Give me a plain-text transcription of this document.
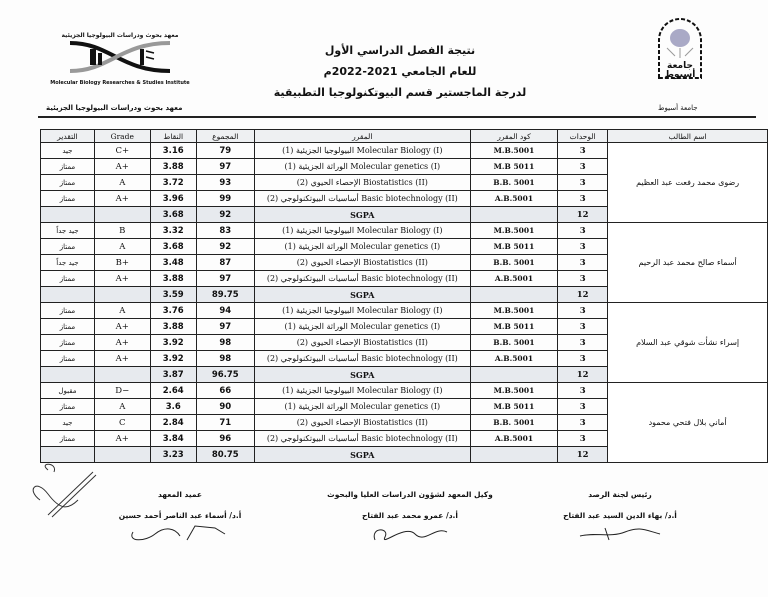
نتيجة الفصل الدراسي الأول
للعام الجامعي 2021-2022م
لدرجة الماجستير قسم البيوتكنولوجيا التطبيقية
معهد بحوث ودراسات البيولوجيا الجزيئية
Molecular Biology Researches & Studies Institute
معهد بحوث ودراسات البيولوجيا الجزيئية
جامعة
أسيوط
جامعة أسيوط
التقدير	Grade	النقاط	المجموع	المقرر	كود المقرر	الوحدات	اسم الطالب
جيد	C+	3.16	79	البيولوجيا الجزيئية (1) Molecular Biology (I)	M.B.5001	3	رضوى محمد رفعت عبد العظيم
ممتاز	A+	3.88	97	الوراثة الجزيئية (1) Molecular genetics (I)	M.B 5011	3	
ممتاز	A	3.72	93	الإحصاء الحيوي (2) Biostatistics (II)	B.B. 5001	3	
ممتاز	A+	3.96	99	أساسيات البيوتكنولوجي (2) Basic biotechnology (II)	A.B.5001	3	
		3.68	92	SGPA		12	
جيد جداً	B	3.32	83	البيولوجيا الجزيئية (1) Molecular Biology (I)	M.B.5001	3	أسماء صالح محمد عبد الرحيم
ممتاز	A	3.68	92	الوراثة الجزيئية (1) Molecular genetics (I)	M.B 5011	3	
جيد جداً	B+	3.48	87	الإحصاء الحيوي (2) Biostatistics (II)	B.B. 5001	3	
ممتاز	A+	3.88	97	أساسيات البيوتكنولوجي (2) Basic biotechnology (II)	A.B.5001	3	
		3.59	89.75	SGPA		12	
ممتاز	A	3.76	94	البيولوجيا الجزيئية (1) Molecular Biology (I)	M.B.5001	3	إسراء نشأت شوقي عبد السلام
ممتاز	A+	3.88	97	الوراثة الجزيئية (1) Molecular genetics (I)	M.B 5011	3	
ممتاز	A+	3.92	98	الإحصاء الحيوي (2) Biostatistics (II)	B.B. 5001	3	
ممتاز	A+	3.92	98	أساسيات البيوتكنولوجي (2) Basic biotechnology (II)	A.B.5001	3	
		3.87	96.75	SGPA		12	
مقبول	D−	2.64	66	البيولوجيا الجزيئية (1) Molecular Biology (I)	M.B.5001	3	أماني بلال فتحي محمود
ممتاز	A	3.6	90	الوراثة الجزيئية (1) Molecular genetics (I)	M.B 5011	3	
جيد	C	2.84	71	الإحصاء الحيوي (2) Biostatistics (II)	B.B. 5001	3	
ممتاز	A+	3.84	96	أساسيات البيوتكنولوجي (2) Basic biotechnology (II)	A.B.5001	3	
		3.23	80.75	SGPA		12	
رئيس لجنة الرصد
أ.د/ بهاء الدين السيد عبد الفتاح
وكيل المعهد لشؤون الدراسات العليا والبحوث
أ.د/ عمرو محمد عبد الفتاح
عميد المعهد
أ.د/ أسماء عبد الناصر أحمد حسين
